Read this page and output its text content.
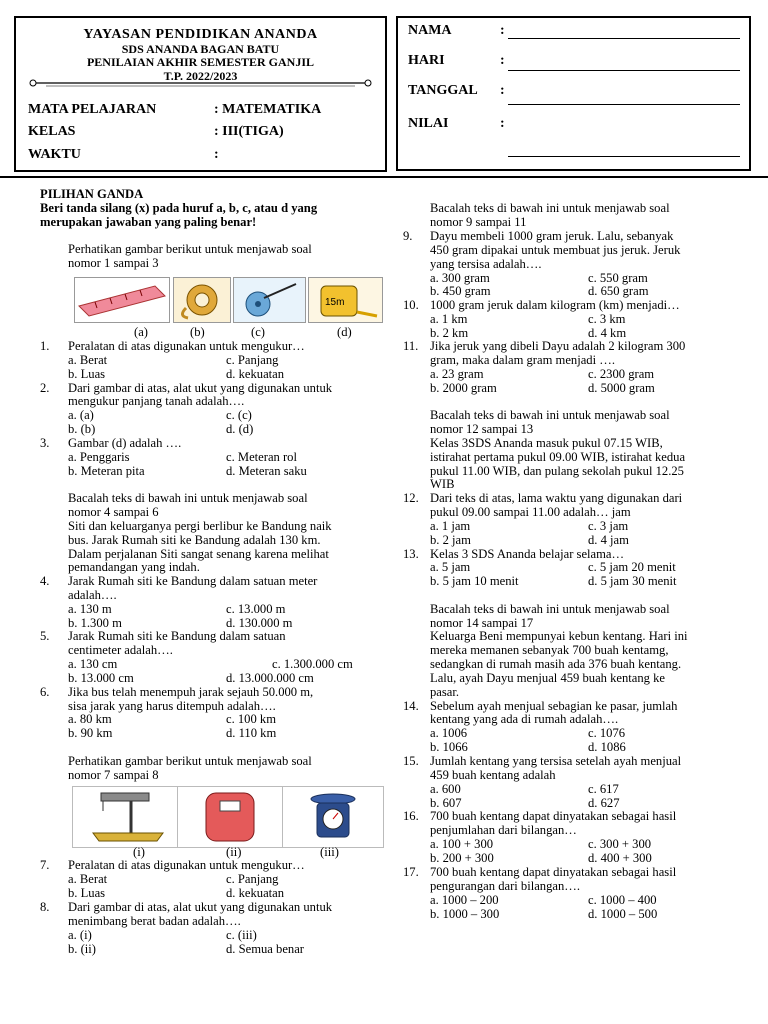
YAYASAN PENDIDIKAN ANANDA
SDS ANANDA BAGAN BATU
PENILAIAN AKHIR SEMESTER GANJIL
T.P. 2022/2023
MATA PELAJARAN	: MATEMATIKA
KELAS	: III(TIGA)
WAKTU	:
NAMA	:
HARI	:
TANGGAL :
NILAI	:
PILIHAN GANDA
Beri tanda silang (x) pada huruf a, b, c, atau d yang
merupakan jawaban yang paling benar!
Perhatikan gambar berikut untuk menjawab soal
nomor 1 sampai 3
15m
(a)	(b)	(c)	(d)
1. Peralatan di atas digunakan untuk mengukur…
a. Berat	c. Panjang
b. Luas	d. kekuatan
2. Dari gambar di atas, alat ukut yang digunakan untuk
mengukur panjang tanah adalah….
a. (a)	c. (c)
b. (b)	d. (d)
3. Gambar (d) adalah ….
a. Penggaris	c. Meteran rol
b. Meteran pita	d. Meteran saku
Bacalah teks di bawah ini untuk menjawab soal
nomor 4 sampai 6
Siti dan keluarganya pergi berlibur ke Bandung naik
bus. Jarak Rumah siti ke Bandung adalah 130 km.
Dalam perjalanan Siti sangat senang karena melihat
pemandangan yang indah.
4. Jarak Rumah siti ke Bandung dalam satuan meter
adalah….
a. 130 m	c. 13.000 m
b. 1.300 m	d. 130.000 m
5. Jarak Rumah siti ke Bandung dalam satuan
centimeter adalah….
a. 130 cm	c. 1.300.000 cm
b. 13.000 cm	d. 13.000.000 cm
6. Jika bus telah menempuh jarak sejauh 50.000 m,
sisa jarak yang harus ditempuh adalah….
a. 80 km	c. 100 km
b. 90 km	d. 110 km
Perhatikan gambar berikut untuk menjawab soal
nomor 7 sampai 8
(i)	(ii)	(iii)
7. Peralatan di atas digunakan untuk mengukur…
a. Berat	c. Panjang
b. Luas	d. kekuatan
8. Dari gambar di atas, alat ukut yang digunakan untuk
menimbang berat badan adalah….
a. (i)	c. (iii)
b. (ii)	d. Semua benar
Bacalah teks di bawah ini untuk menjawab soal
nomor 9 sampai 11
9. Dayu membeli 1000 gram jeruk. Lalu, sebanyak
450 gram dipakai untuk membuat jus jeruk. Jeruk
yang tersisa adalah….
a. 300 gram	c. 550 gram
b. 450 gram	d. 650 gram
10. 1000 gram jeruk dalam kilogram (km) menjadi…
a. 1 km	c. 3 km
b. 2 km	d. 4 km
11. Jika jeruk yang dibeli Dayu adalah 2 kilogram 300
gram, maka dalam gram menjadi ….
a. 23 gram	c. 2300 gram
b. 2000 gram	d. 5000 gram
Bacalah teks di bawah ini untuk menjawab soal
nomor 12 sampai 13
Kelas 3SDS Ananda masuk pukul 07.15 WIB,
istirahat pertama pukul 09.00 WIB, istirahat kedua
pukul 11.00 WIB, dan pulang sekolah pukul 12.25
WIB
12. Dari teks di atas, lama waktu yang digunakan dari
pukul 09.00 sampai 11.00 adalah… jam
a. 1 jam	c. 3 jam
b. 2 jam	d. 4 jam
13. Kelas 3 SDS Ananda belajar selama…
a. 5 jam	c. 5 jam 20 menit
b. 5 jam 10 menit	d. 5 jam 30 menit
Bacalah teks di bawah ini untuk menjawab soal
nomor 14 sampai 17
Keluarga Beni mempunyai kebun kentang. Hari ini
mereka memanen sebanyak 700 buah kentamg,
sedangkan di rumah masih ada 376 buah kentang.
Lalu, ayah Dayu menjual 459 buah kentang ke
pasar.
14. Sebelum ayah menjual sebagian ke pasar, jumlah
kentang yang ada di rumah adalah….
a. 1006	c. 1076
b. 1066	d. 1086
15. Jumlah kentang yang tersisa setelah ayah menjual
459 buah kentang adalah
a. 600	c. 617
b. 607	d. 627
16. 700 buah kentang dapat dinyatakan sebagai hasil
penjumlahan dari bilangan…
a. 100 + 300	c. 300 + 300
b. 200 + 300	d. 400 + 300
17. 700 buah kentang dapat dinyatakan sebagai hasil
pengurangan dari bilangan….
a. 1000 – 200	c. 1000 – 400
b. 1000 – 300	d. 1000 – 500
